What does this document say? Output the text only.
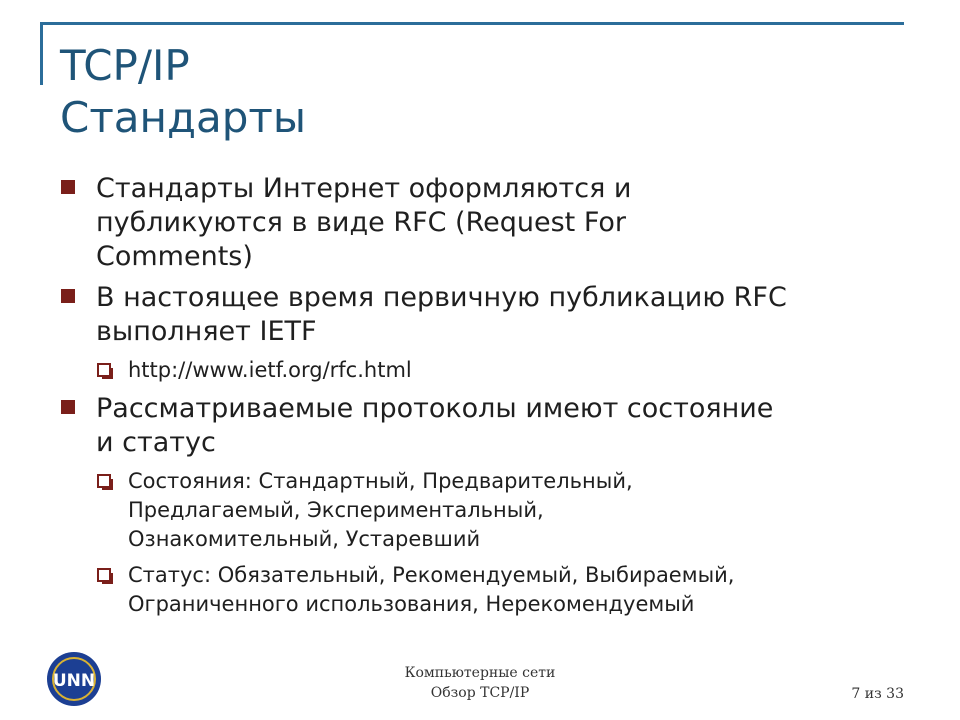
TCP/IP
Стандарты
Стандарты Интернет оформляются и
публикуются в виде RFC (Request For
Comments)
В настоящее время первичную публикацию RFC
выполняет IETF
http://www.ietf.org/rfc.html
Рассматриваемые протоколы имеют состояние
и статус
Состояния: Стандартный, Предварительный,
Предлагаемый, Экспериментальный,
Ознакомительный, Устаревший
Статус: Обязательный, Рекомендуемый, Выбираемый,
Ограниченного использования, Нерекомендуемый
UNN	Компьютерные сети
Обзор TCP/IP	7 из 33
